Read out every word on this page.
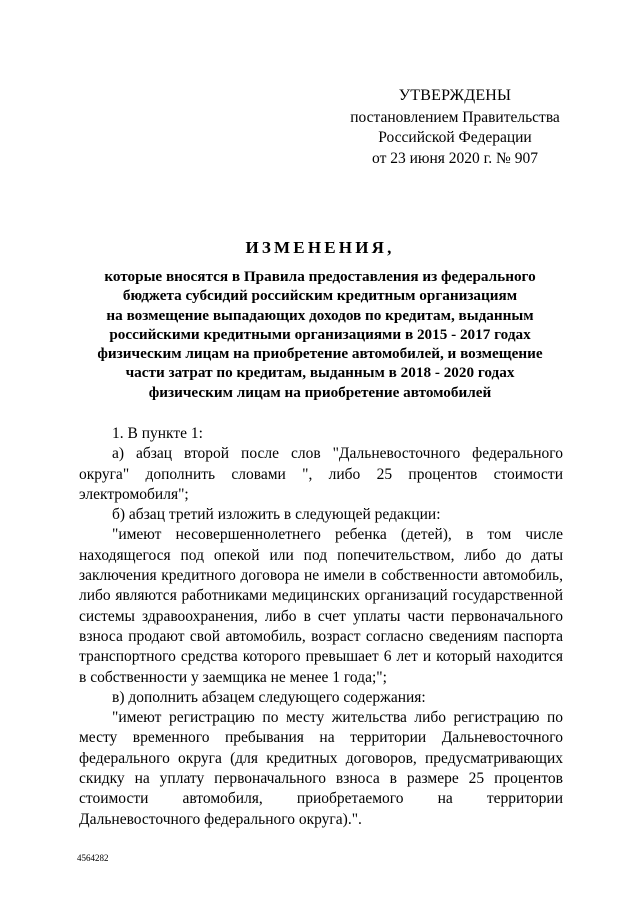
УТВЕРЖДЕНЫ
постановлением Правительства
Российской Федерации
от 23 июня 2020 г. № 907
ИЗМЕНЕНИЯ,
которые вносятся в Правила предоставления из федерального
бюджета субсидий российским кредитным организациям
на возмещение выпадающих доходов по кредитам, выданным
российскими кредитными организациями в 2015 - 2017 годах
физическим лицам на приобретение автомобилей, и возмещение
части затрат по кредитам, выданным в 2018 - 2020 годах
физическим лицам на приобретение автомобилей

1. В пункте 1:

а) абзац второй после слов "Дальневосточного федерального округа" дополнить словами ", либо 25 процентов стоимости электромобиля";

б) абзац третий изложить в следующей редакции:

"имеют несовершеннолетнего ребенка (детей), в том числе находящегося под опекой или под попечительством, либо до даты заключения кредитного договора не имели в собственности автомобиль, либо являются работниками медицинских организаций государственной системы здравоохранения, либо в счет уплаты части первоначального взноса продают свой автомобиль, возраст согласно сведениям паспорта транспортного средства которого превышает 6 лет и который находится в собственности у заемщика не менее 1 года;";

в) дополнить абзацем следующего содержания:

"имеют регистрацию по месту жительства либо регистрацию по месту временного пребывания на территории Дальневосточного федерального округа (для кредитных договоров, предусматривающих скидку на уплату первоначального взноса в размере 25 процентов стоимости автомобиля, приобретаемого на территории Дальневосточного федерального округа).".

4564282
